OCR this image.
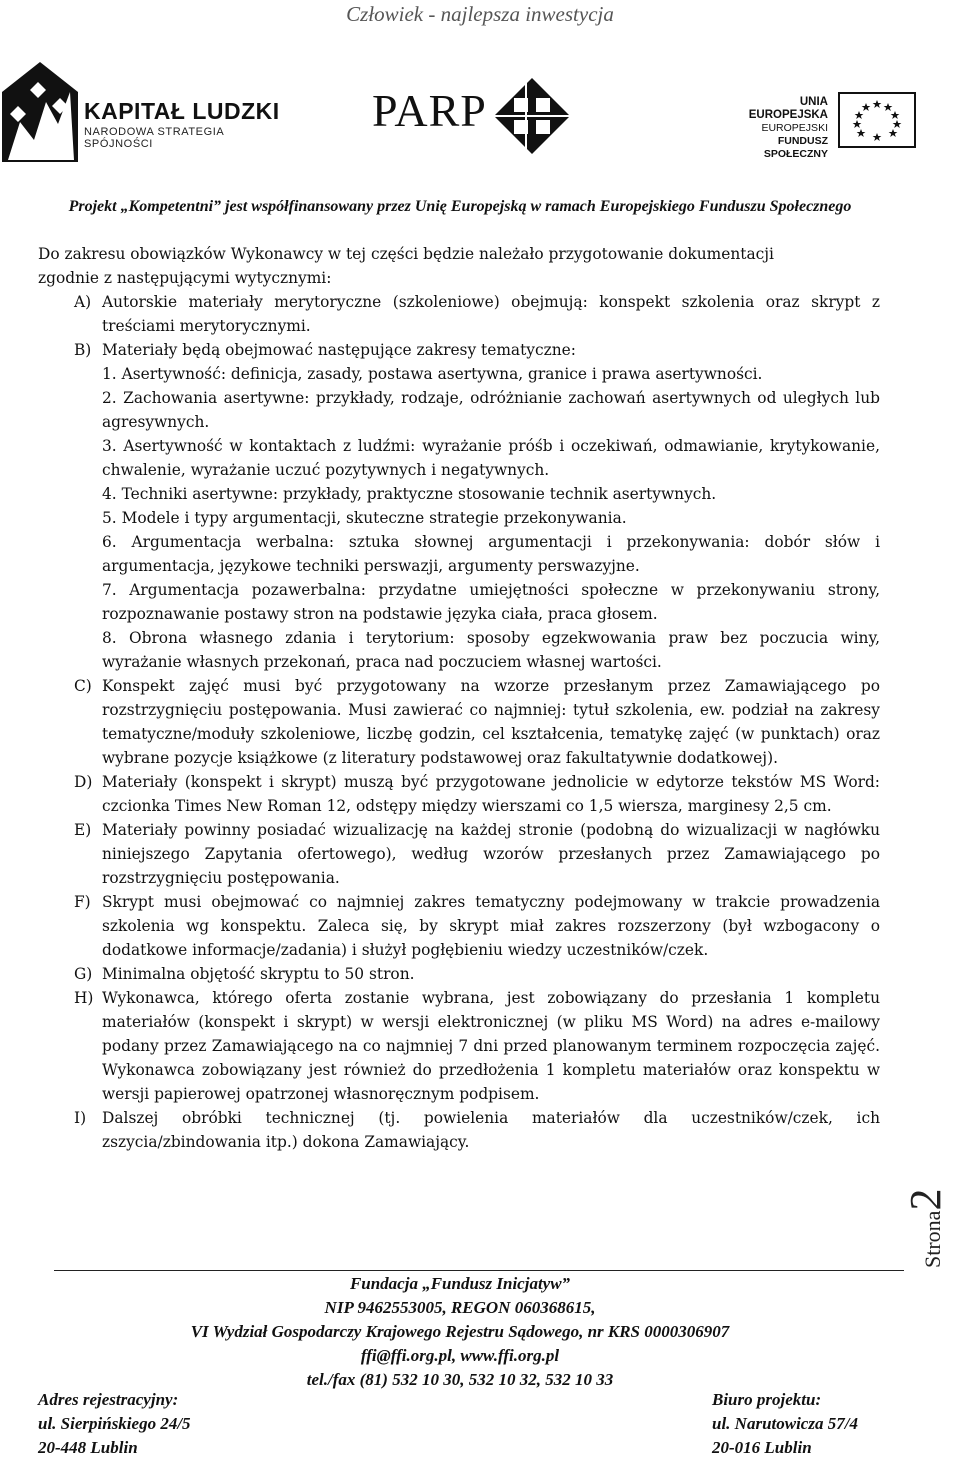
Człowiek - najlepsza inwestycja
KAPITAŁ LUDZKI
NARODOWA STRATEGIA SPÓJNOŚCI
PARP	UNIA EUROPEJSKA
EUROPEJSKI
FUNDUSZ SPOŁECZNY
Projekt „Kompetentni” jest współfinansowany przez Unię Europejską w ramach Europejskiego Funduszu Społecznego

Do zakresu obowiązków Wykonawcy w tej części będzie należało przygotowanie dokumentacji

zgodnie z następującymi wytycznymi:

A) Autorskie materiały merytoryczne (szkoleniowe) obejmują: konspekt szkolenia oraz skrypt z treściami merytorycznymi.

B) Materiały będą obejmować następujące zakresy tematyczne:

1. Asertywność: definicja, zasady, postawa asertywna, granice i prawa asertywności.

2. Zachowania asertywne: przykłady, rodzaje, odróżnianie zachowań asertywnych od uległych lub agresywnych.

3. Asertywność w kontaktach z ludźmi: wyrażanie próśb i oczekiwań, odmawianie, krytykowanie, chwalenie, wyrażanie uczuć pozytywnych i negatywnych.

4. Techniki asertywne: przykłady, praktyczne stosowanie technik asertywnych.

5. Modele i typy argumentacji, skuteczne strategie przekonywania.

6. Argumentacja werbalna: sztuka słownej argumentacji i przekonywania: dobór słów i argumentacja, językowe techniki perswazji, argumenty perswazyjne.

7. Argumentacja pozawerbalna: przydatne umiejętności społeczne w przekonywaniu strony, rozpoznawanie postawy stron na podstawie języka ciała, praca głosem.

8. Obrona własnego zdania i terytorium: sposoby egzekwowania praw bez poczucia winy, wyrażanie własnych przekonań, praca nad poczuciem własnej wartości.

C) Konspekt zajęć musi być przygotowany na wzorze przesłanym przez Zamawiającego po rozstrzygnięciu postępowania. Musi zawierać co najmniej: tytuł szkolenia, ew. podział na zakresy tematyczne/moduły szkoleniowe, liczbę godzin, cel kształcenia, tematykę zajęć (w punktach) oraz wybrane pozycje książkowe (z literatury podstawowej oraz fakultatywnie dodatkowej).

D) Materiały (konspekt i skrypt) muszą być przygotowane jednolicie w edytorze tekstów MS Word: czcionka Times New Roman 12, odstępy między wierszami co 1,5 wiersza, marginesy 2,5 cm.

E) Materiały powinny posiadać wizualizację na każdej stronie (podobną do wizualizacji w nagłówku niniejszego Zapytania ofertowego), według wzorów przesłanych przez Zamawiającego po rozstrzygnięciu postępowania.

F) Skrypt musi obejmować co najmniej zakres tematyczny podejmowany w trakcie prowadzenia szkolenia wg konspektu. Zaleca się, by skrypt miał zakres rozszerzony (był wzbogacony o dodatkowe informacje/zadania) i służył pogłębieniu wiedzy uczestników/czek.

G) Minimalna objętość skryptu to 50 stron.

H) Wykonawca, którego oferta zostanie wybrana, jest zobowiązany do przesłania 1 kompletu materiałów (konspekt i skrypt) w wersji elektronicznej (w pliku MS Word) na adres e-mailowy podany przez Zamawiającego na co najmniej 7 dni przed planowanym terminem rozpoczęcia zajęć. Wykonawca zobowiązany jest również do przedłożenia 1 kompletu materiałów oraz konspektu w wersji papierowej opatrzonej własnoręcznym podpisem.

I) Dalszej obróbki technicznej (tj. powielenia materiałów dla uczestników/czek, ich zszycia/zbindowania itp.) dokona Zamawiający.

Strona2
Fundacja „Fundusz Inicjatyw”
NIP 9462553005, REGON 060368615,
VI Wydział Gospodarczy Krajowego Rejestru Sądowego, nr KRS 0000306907
ffi@ffi.org.pl, www.ffi.org.pl
tel./fax (81) 532 10 30, 532 10 32, 532 10 33
Adres rejestracyjny:
ul. Sierpińskiego 24/5
20-448 Lublin
Biuro projektu:
ul. Narutowicza 57/4
20-016 Lublin
